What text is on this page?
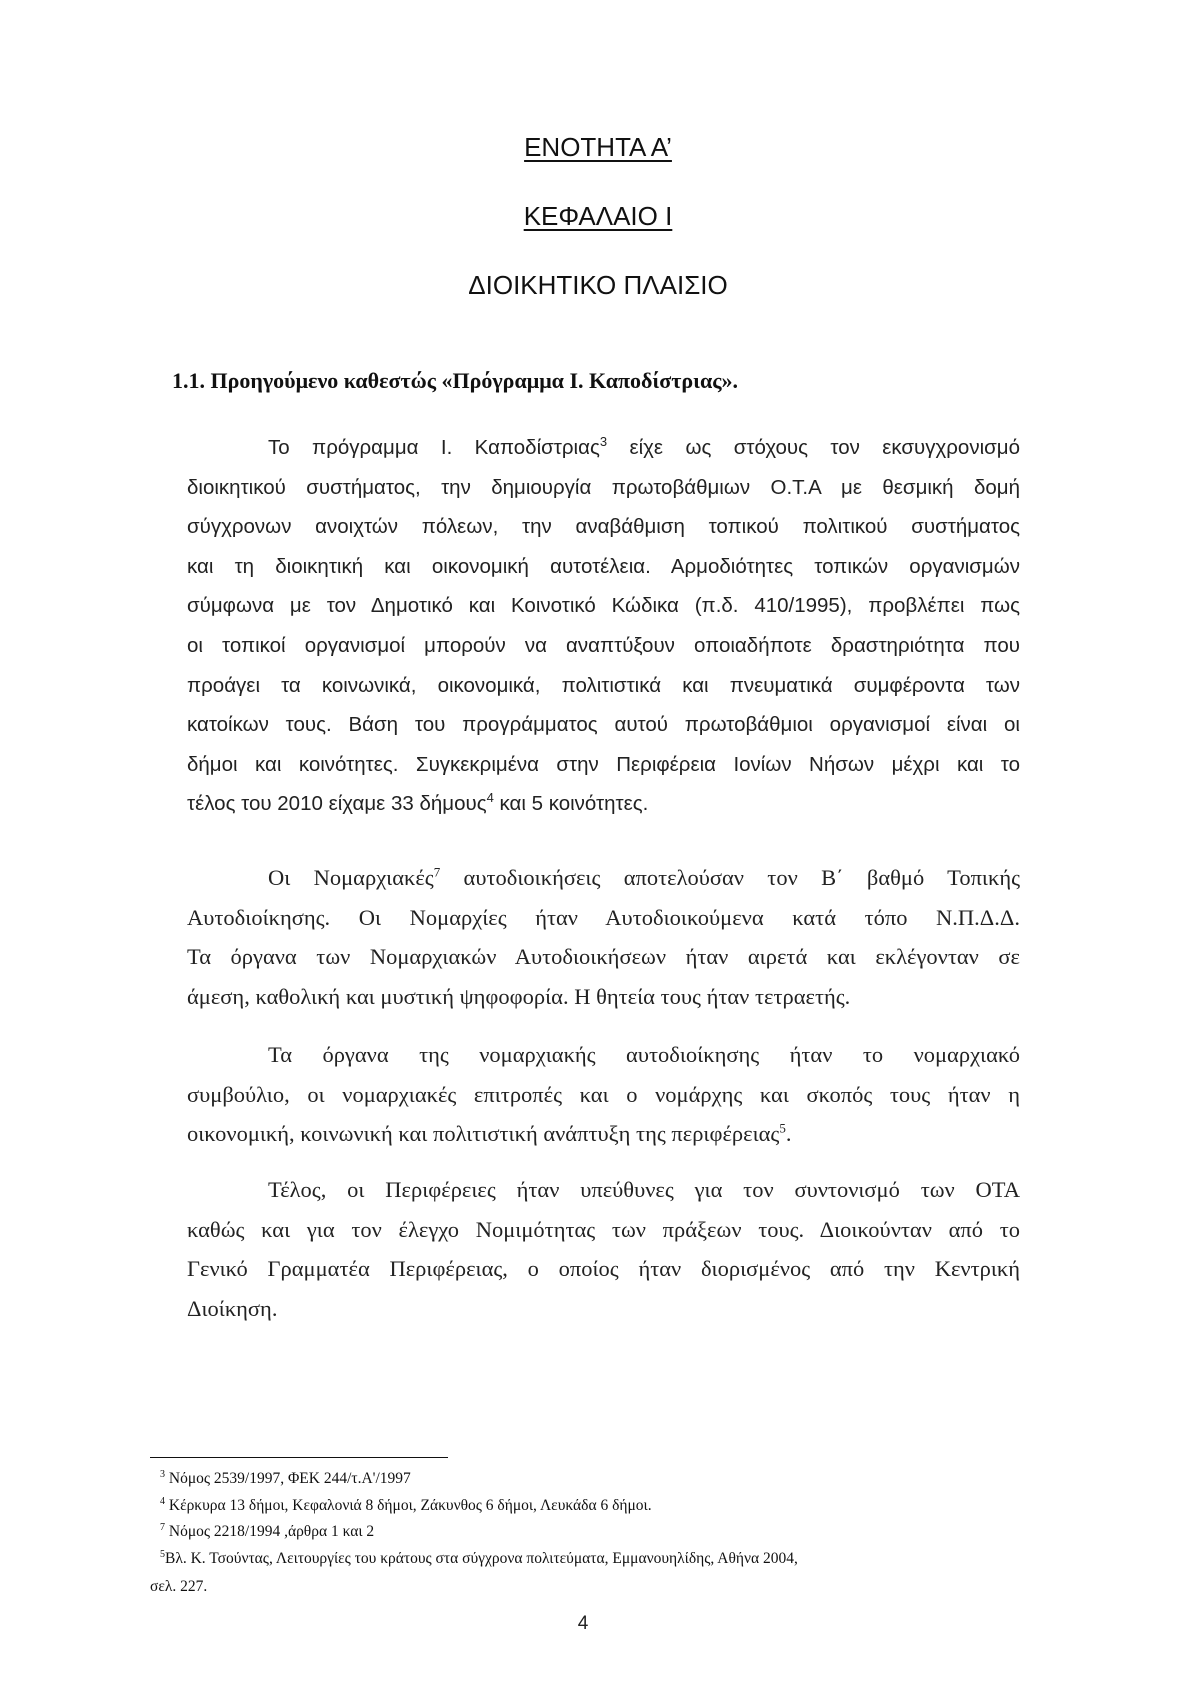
ΕΝΟΤΗΤΑ Α’
ΚΕΦΑΛΑΙΟ Ι
ΔΙΟΙΚΗΤΙΚΟ ΠΛΑΙΣΙΟ
1.1. Προηγούμενο καθεστώς «Πρόγραμμα Ι. Καποδίστριας».
Το πρόγραμμα Ι. Καποδίστριας$^3$ είχε ως στόχους τον εκσυγχρονισμό
διοικητικού συστήματος, την δημιουργία πρωτοβάθμιων Ο.Τ.Α με θεσμική δομή
σύγχρονων ανοιχτών πόλεων, την αναβάθμιση τοπικού πολιτικού συστήματος
και τη διοικητική και οικονομική αυτοτέλεια. Αρμοδιότητες τοπικών οργανισμών
σύμφωνα με τον Δημοτικό και Κοινοτικό Κώδικα (π.δ. 410/1995), προβλέπει πως
οι τοπικοί οργανισμοί μπορούν να αναπτύξουν οποιαδήποτε δραστηριότητα που
προάγει τα κοινωνικά, οικονομικά, πολιτιστικά και πνευματικά συμφέροντα των
κατοίκων τους. Βάση του προγράμματος αυτού πρωτοβάθμιοι οργανισμοί είναι οι
δήμοι και κοινότητες. Συγκεκριμένα στην Περιφέρεια Ιονίων Νήσων μέχρι και το
τέλος του 2010 είχαμε 33 δήμους$^4$ και 5 κοινότητες.
Οι Νομαρχιακές$^7$ αυτοδιοικήσεις αποτελούσαν τον Β΄ βαθμό Τοπικής
Αυτοδιοίκησης. Οι Νομαρχίες ήταν Αυτοδιοικούμενα κατά τόπο Ν.Π.Δ.Δ.
Τα όργανα των Νομαρχιακών Αυτοδιοικήσεων ήταν αιρετά και εκλέγονταν σε
άμεση, καθολική και μυστική ψηφοφορία. Η θητεία τους ήταν τετραετής.
Τα όργανα της νομαρχιακής αυτοδιοίκησης ήταν το νομαρχιακό
συμβούλιο, οι νομαρχιακές επιτροπές και ο νομάρχης και σκοπός τους ήταν η
οικονομική, κοινωνική και πολιτιστική ανάπτυξη της περιφέρειας$^5$.
Τέλος, οι Περιφέρειες ήταν υπεύθυνες για τον συντονισμό των ΟΤΑ
καθώς και για τον έλεγχο Νομιμότητας των πράξεων τους. Διοικούνταν από το
Γενικό Γραμματέα Περιφέρειας, ο οποίος ήταν διορισμένος από την Κεντρική
Διοίκηση.
$^3$ Νόμος 2539/1997, ΦΕΚ 244/τ.Α'/1997
$^4$ Κέρκυρα 13 δήμοι, Κεφαλονιά 8 δήμοι, Ζάκυνθος 6 δήμοι, Λευκάδα 6 δήμοι.
$^7$ Νόμος 2218/1994 ,άρθρα 1 και 2
$^5$Βλ. Κ. Τσούντας, Λειτουργίες του κράτους στα σύγχρονα πολιτεύματα, Εμμανουηλίδης, Αθήνα 2004,
σελ. 227.
4
